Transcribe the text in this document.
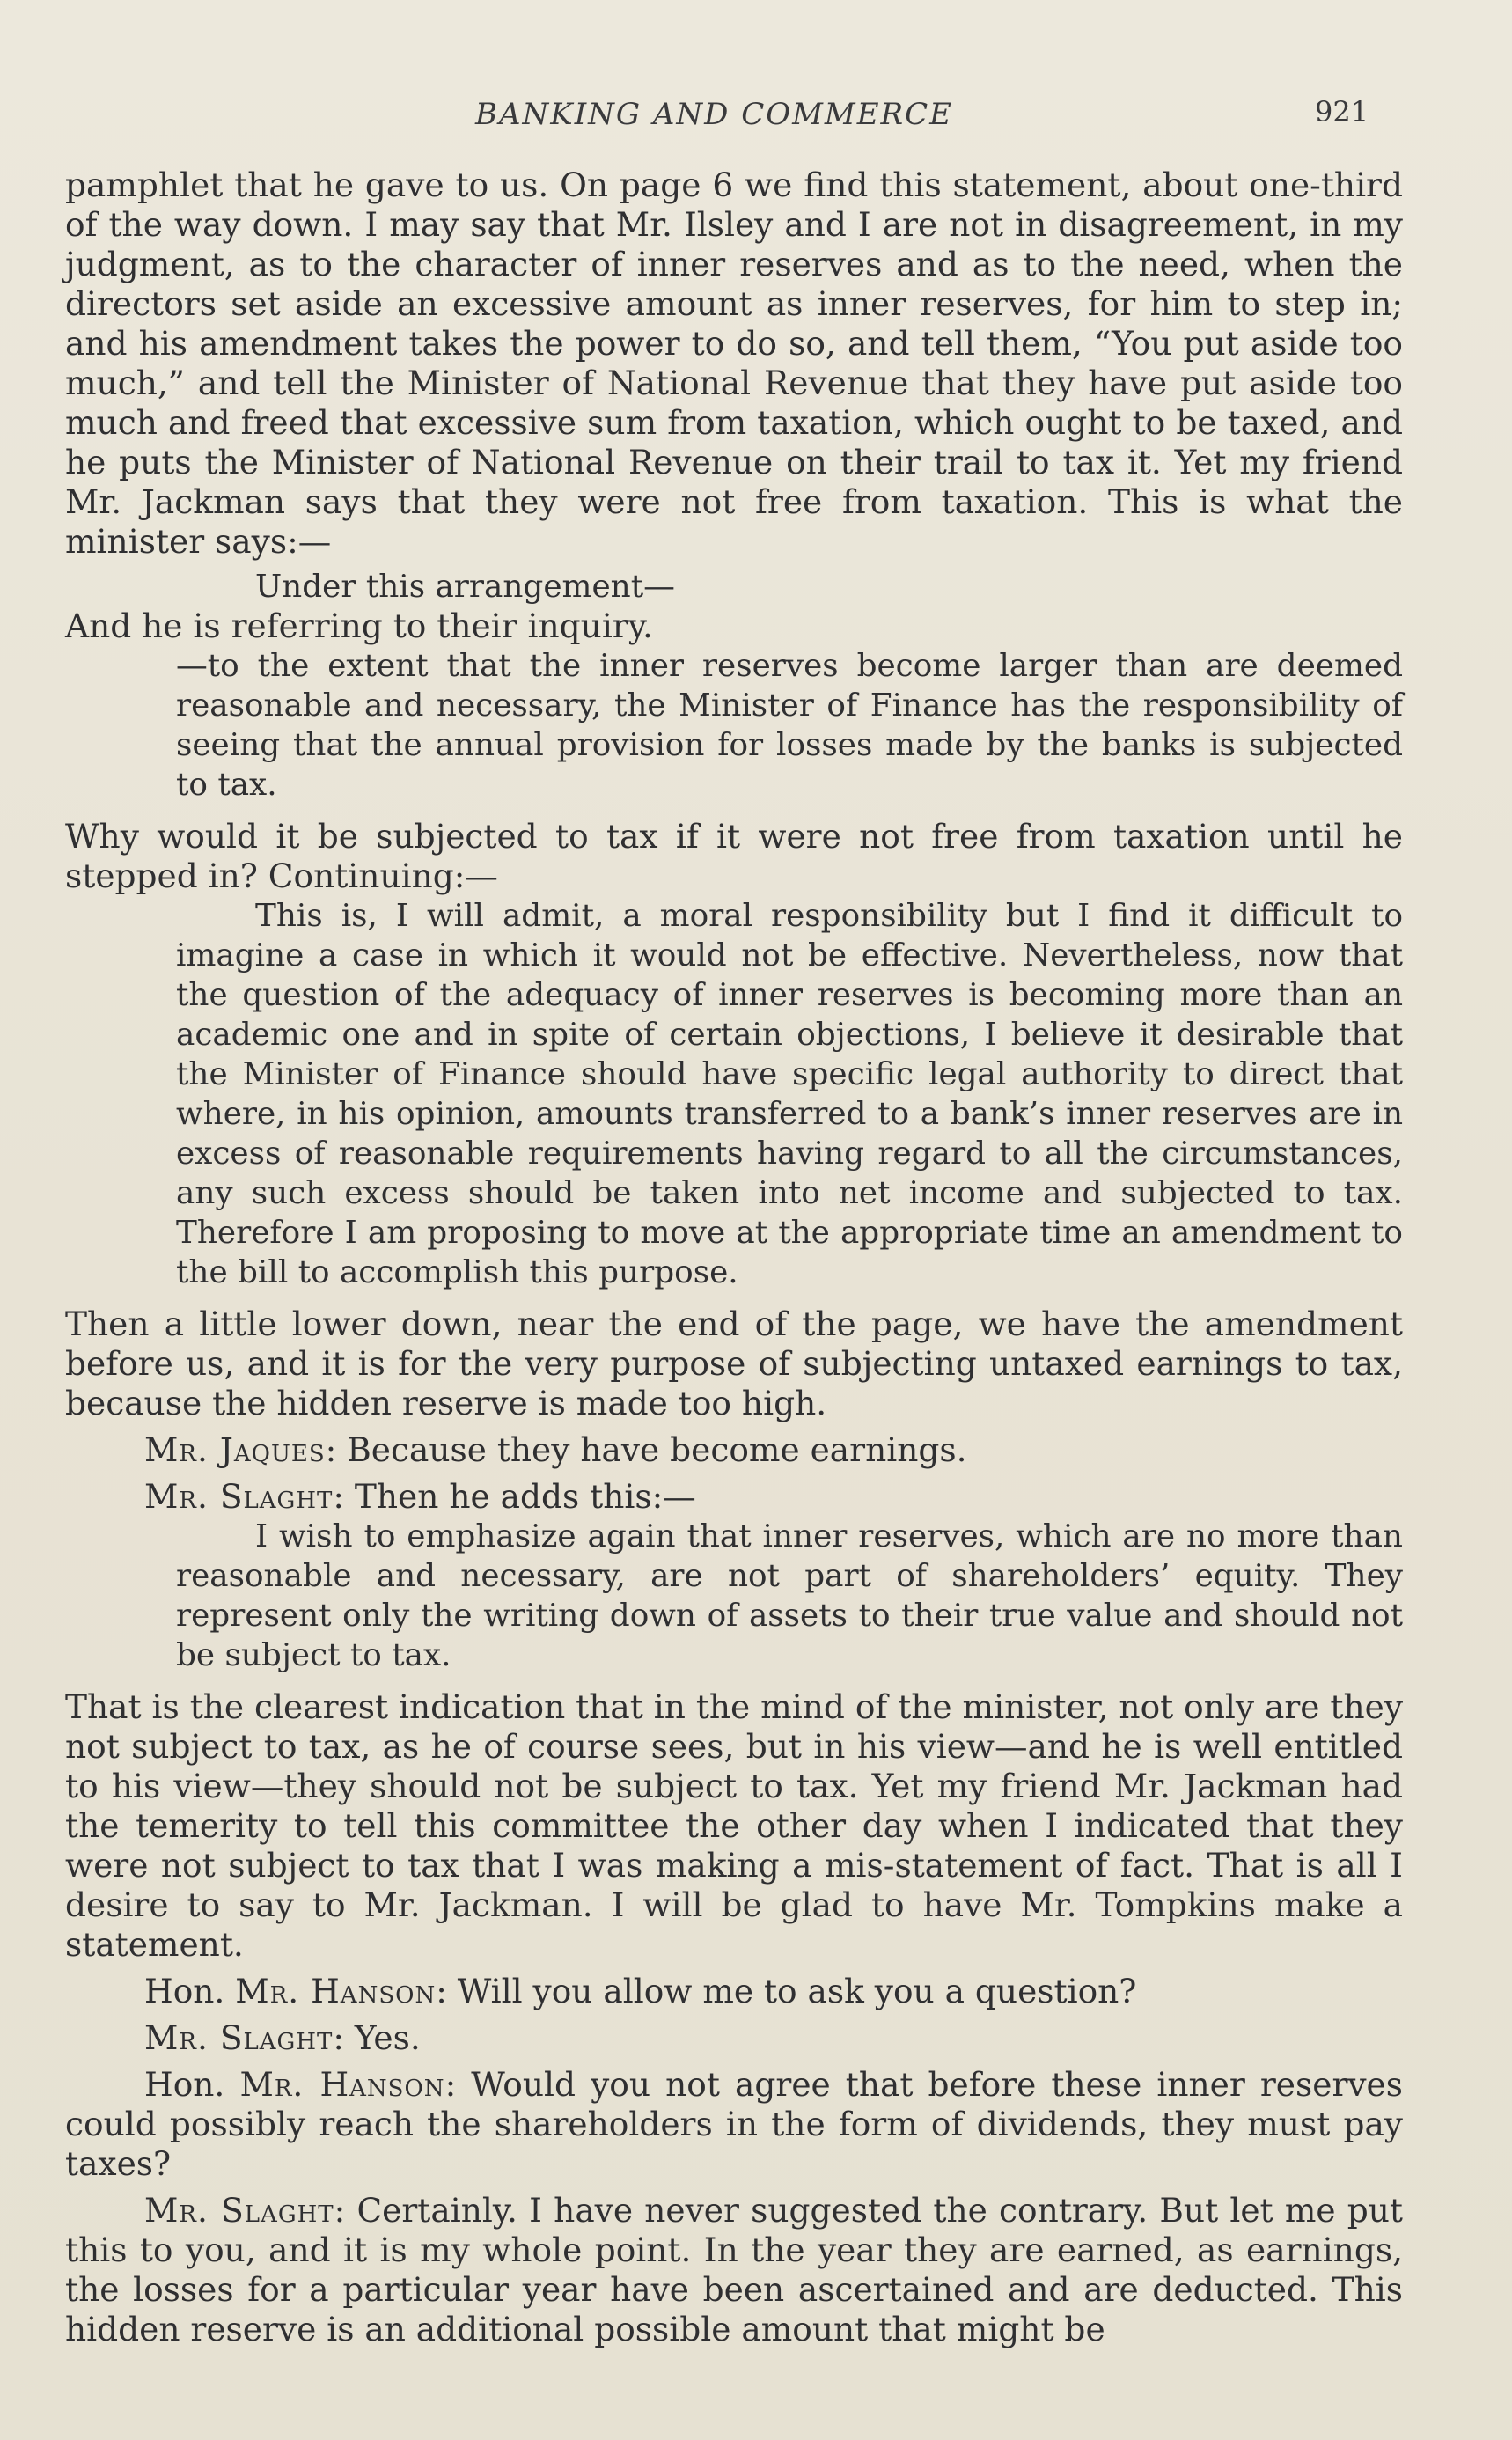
BANKING AND COMMERCE	921

pamphlet that he gave to us. On page 6 we find this statement, about one-third of the way down. I may say that Mr. Ilsley and I are not in disagreement, in my judgment, as to the character of inner reserves and as to the need, when the directors set aside an excessive amount as inner reserves, for him to step in; and his amendment takes the power to do so, and tell them, “You put aside too much,” and tell the Minister of National Revenue that they have put aside too much and freed that excessive sum from taxation, which ought to be taxed, and he puts the Minister of National Revenue on their trail to tax it. Yet my friend Mr. Jackman says that they were not free from taxation. This is what the minister says:—

Under this arrangement—

And he is referring to their inquiry.

—to the extent that the inner reserves become larger than are deemed reasonable and necessary, the Minister of Finance has the responsibility of seeing that the annual provision for losses made by the banks is subjected to tax.

Why would it be subjected to tax if it were not free from taxation until he stepped in? Continuing:—

This is, I will admit, a moral responsibility but I find it difficult to imagine a case in which it would not be effective. Nevertheless, now that the question of the adequacy of inner reserves is becoming more than an academic one and in spite of certain objections, I believe it desirable that the Minister of Finance should have specific legal authority to direct that where, in his opinion, amounts transferred to a bank’s inner reserves are in excess of reasonable requirements having regard to all the circumstances, any such excess should be taken into net income and subjected to tax. Therefore I am proposing to move at the appropriate time an amendment to the bill to accomplish this purpose.

Then a little lower down, near the end of the page, we have the amendment before us, and it is for the very purpose of subjecting untaxed earnings to tax, because the hidden reserve is made too high.

Mr. Jaques: Because they have become earnings.

Mr. Slaght: Then he adds this:—

I wish to emphasize again that inner reserves, which are no more than reasonable and necessary, are not part of shareholders’ equity. They represent only the writing down of assets to their true value and should not be subject to tax.

That is the clearest indication that in the mind of the minister, not only are they not subject to tax, as he of course sees, but in his view—and he is well entitled to his view—they should not be subject to tax. Yet my friend Mr. Jackman had the temerity to tell this committee the other day when I indicated that they were not subject to tax that I was making a mis-statement of fact. That is all I desire to say to Mr. Jackman. I will be glad to have Mr. Tompkins make a statement.

Hon. Mr. Hanson: Will you allow me to ask you a question?

Mr. Slaght: Yes.

Hon. Mr. Hanson: Would you not agree that before these inner reserves could possibly reach the shareholders in the form of dividends, they must pay taxes?

Mr. Slaght: Certainly. I have never suggested the contrary. But let me put this to you, and it is my whole point. In the year they are earned, as earnings, the losses for a particular year have been ascertained and are deducted. This hidden reserve is an additional possible amount that might be
